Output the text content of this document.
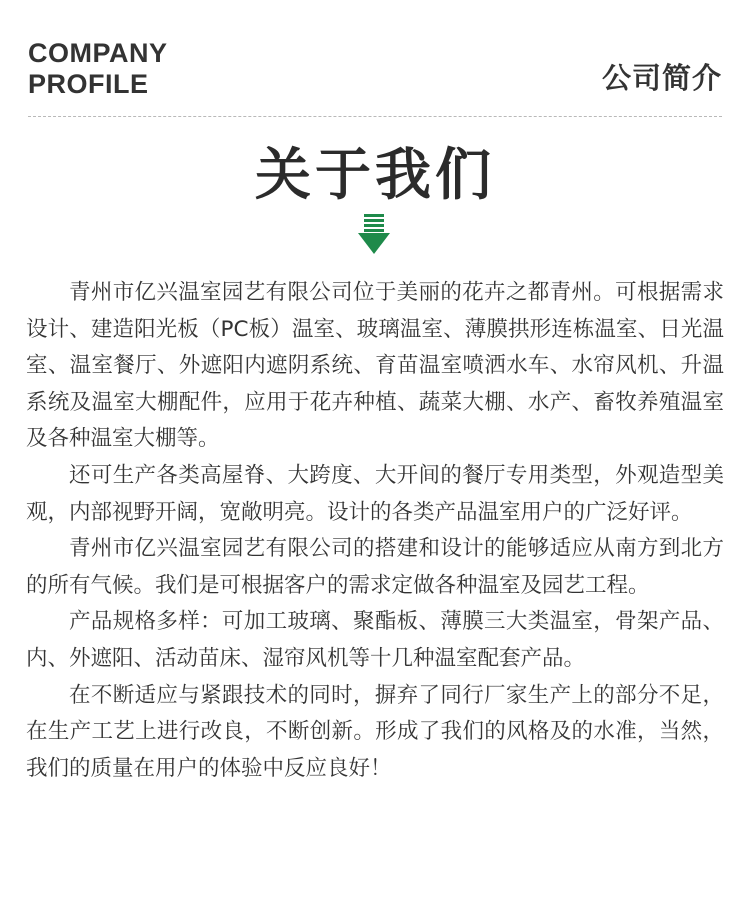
COMPANY
PROFILE	公司简介
关于我们

青州市亿兴温室园艺有限公司位于美丽的花卉之都青州。可根据需求设计、建造阳光板（PC板）温室、玻璃温室、薄膜拱形连栋温室、日光温室、温室餐厅、外遮阳内遮阴系统、育苗温室喷洒水车、水帘风机、升温系统及温室大棚配件，应用于花卉种植、蔬菜大棚、水产、畜牧养殖温室及各种温室大棚等。

还可生产各类高屋脊、大跨度、大开间的餐厅专用类型，外观造型美观，内部视野开阔，宽敞明亮。设计的各类产品温室用户的广泛好评。

青州市亿兴温室园艺有限公司的搭建和设计的能够适应从南方到北方的所有气候。我们是可根据客户的需求定做各种温室及园艺工程。

产品规格多样：可加工玻璃、聚酯板、薄膜三大类温室，骨架产品、内、外遮阳、活动苗床、湿帘风机等十几种温室配套产品。

在不断适应与紧跟技术的同时，摒弃了同行厂家生产上的部分不足，在生产工艺上进行改良，不断创新。形成了我们的风格及的水准，当然，我们的质量在用户的体验中反应良好！
